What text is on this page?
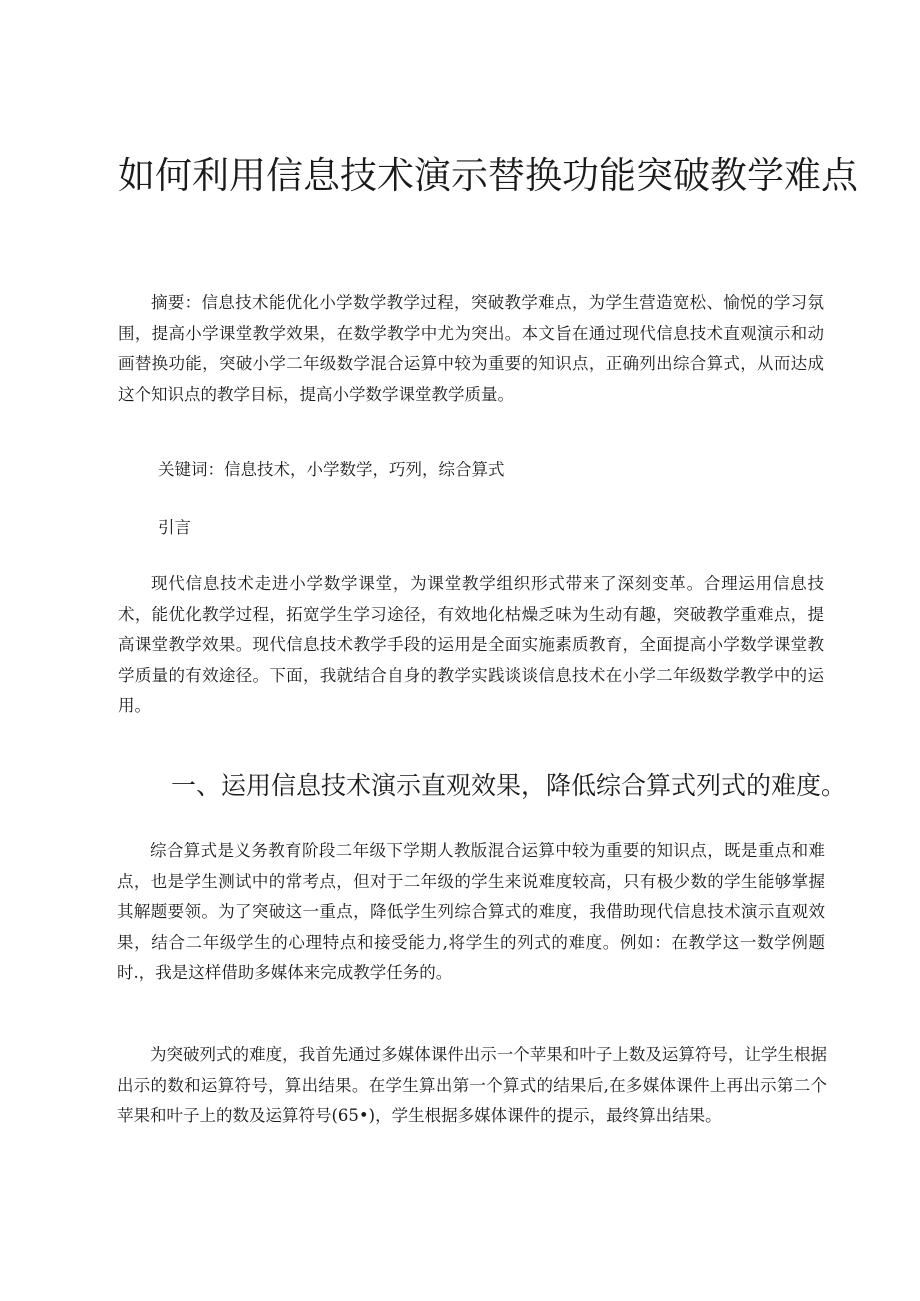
如何利用信息技术演示替换功能突破教学难点

摘要：信息技术能优化小学数学教学过程，突破教学难点，为学生营造宽松、愉悦的学习氛围，提高小学课堂教学效果，在数学教学中尤为突出。本文旨在通过现代信息技术直观演示和动画替换功能，突破小学二年级数学混合运算中较为重要的知识点，正确列出综合算式，从而达成这个知识点的教学目标，提高小学数学课堂教学质量。

关键词：信息技术，小学数学，巧列，综合算式

引言

现代信息技术走进小学数学课堂，为课堂教学组织形式带来了深刻变革。合理运用信息技术，能优化教学过程，拓宽学生学习途径，有效地化枯燥乏味为生动有趣，突破教学重难点，提高课堂教学效果。现代信息技术教学手段的运用是全面实施素质教育，全面提高小学数学课堂教学质量的有效途径。下面，我就结合自身的教学实践谈谈信息技术在小学二年级数学教学中的运用。

一、运用信息技术演示直观效果，降低综合算式列式的难度。

综合算式是义务教育阶段二年级下学期人教版混合运算中较为重要的知识点，既是重点和难点，也是学生测试中的常考点，但对于二年级的学生来说难度较高，只有极少数的学生能够掌握其解题要领。为了突破这一重点，降低学生列综合算式的难度，我借助现代信息技术演示直观效果，结合二年级学生的心理特点和接受能力,将学生的列式的难度。例如：在教学这一数学例题时.，我是这样借助多媒体来完成教学任务的。

为突破列式的难度，我首先通过多媒体课件出示一个苹果和叶子上数及运算符号，让学生根据出示的数和运算符号，算出结果。在学生算出第一个算式的结果后,在多媒体课件上再出示第二个苹果和叶子上的数及运算符号(65•)，学生根据多媒体课件的提示，最终算出结果。
